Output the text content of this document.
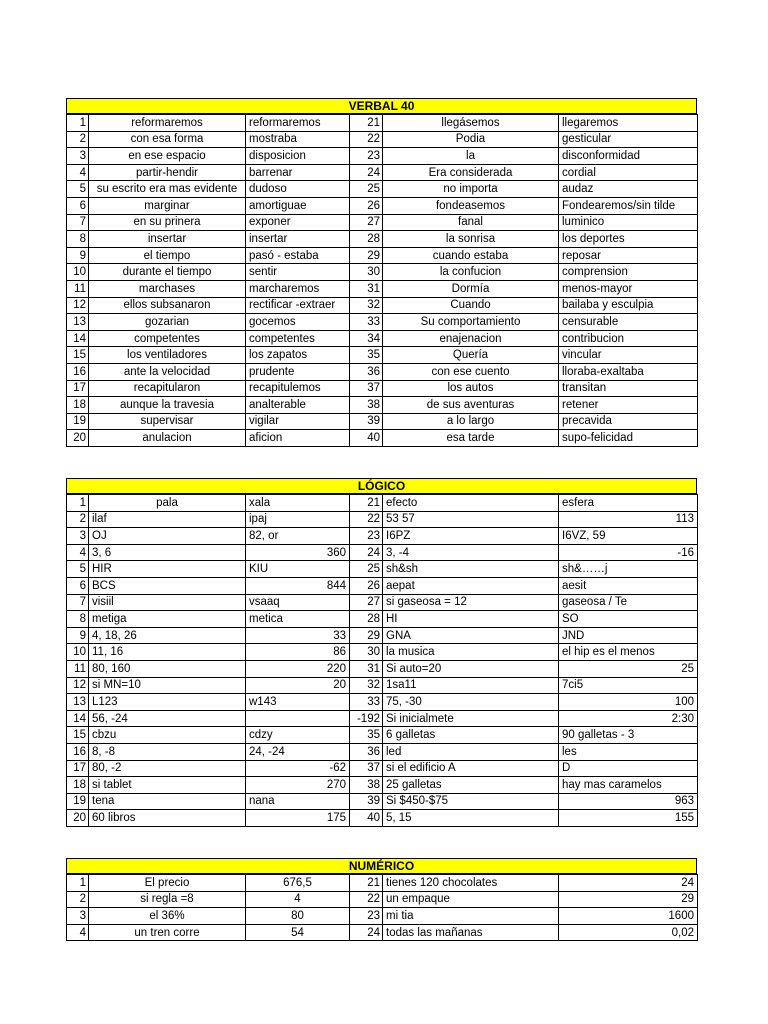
VERBAL 40
1	reformaremos	reformaremos	21	llegásemos	llegaremos
2	con esa forma	mostraba	22	Podia	gesticular
3	en ese espacio	disposicion	23	la	disconformidad
4	partir-hendir	barrenar	24	Era considerada	cordial
5	su escrito era mas evidente	dudoso	25	no importa	audaz
6	marginar	amortiguae	26	fondeasemos	Fondearemos/sin tilde
7	en su prinera	exponer	27	fanal	luminico
8	insertar	insertar	28	la sonrisa	los deportes
9	el tiempo	pasó - estaba	29	cuando estaba	reposar
10	durante el tiempo	sentir	30	la confucion	comprension
11	marchases	marcharemos	31	Dormía	menos-mayor
12	ellos subsanaron	rectificar -extraer	32	Cuando	bailaba y esculpia
13	gozarian	gocemos	33	Su comportamiento	censurable
14	competentes	competentes	34	enajenacion	contribucion
15	los ventiladores	los zapatos	35	Quería	vincular
16	ante la velocidad	prudente	36	con ese cuento	lloraba-exaltaba
17	recapitularon	recapitulemos	37	los autos	transitan
18	aunque la travesia	analterable	38	de sus aventuras	retener
19	supervisar	vigilar	39	a lo largo	precavida
20	anulacion	aficion	40	esa tarde	supo-felicidad
LÓGICO
1	pala	xala	21	efecto	esfera
2	ilaf	ipaj	22	53 57	113
3	OJ	82, or	23	I6PZ	I6VZ, 59
4	3, 6	360	24	3, -4	-16
5	HIR	KIU	25	sh&sh	sh&……j
6	BCS	844	26	aepat	aesit
7	visiil	vsaaq	27	si gaseosa = 12	gaseosa / Te
8	metiga	metica	28	HI	SO
9	4, 18, 26	33	29	GNA	JND
10	11, 16	86	30	la musica	el hip es el menos
11	80, 160	220	31	Si auto=20	25
12	si MN=10	20	32	1sa11	7ci5
13	L123	w143	33	75, -30	100
14	56, -24		-192	Si inicialmete	2:30
15	cbzu	cdzy	35	6 galletas	90 galletas - 3
16	8, -8	24, -24	36	led	les
17	80, -2	-62	37	si el edificio A	D
18	si tablet	270	38	25 galletas	hay mas caramelos
19	tena	nana	39	Si $450-$75	963
20	60 libros	175	40	5, 15	155
NUMÉRICO
1	El precio	676,5	21	tienes 120 chocolates	24
2	si regla =8	4	22	un empaque	29
3	el 36%	80	23	mi tia	1600
4	un tren corre	54	24	todas las mañanas	0,02
